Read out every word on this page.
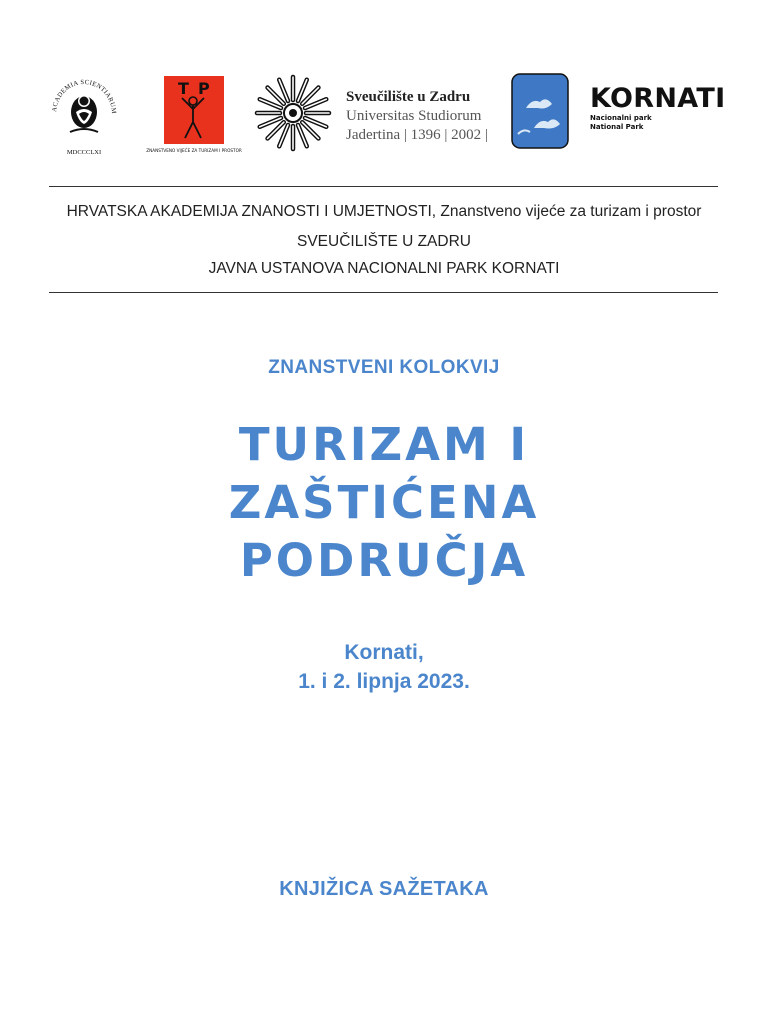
ACADEMIA SCIENTIARUM
MDCCCLXI
T P
ZNANSTVENO VIJEĆE ZA TURIZAM I PROSTOR
Sveučilište u Zadru
Universitas Studiorum
Jadertina | 1396 | 2002 |
KORNATI
Nacionalni park
National Park
HRVATSKA AKADEMIJA ZNANOSTI I UMJETNOSTI, Znanstveno vijeće za turizam i prostor
SVEUČILIŠTE U ZADRU
JAVNA USTANOVA NACIONALNI PARK KORNATI
ZNANSTVENI KOLOKVIJ
TURIZAM I
ZAŠTIĆENA
PODRUČJA
Kornati,
1. i 2. lipnja 2023.
KNJIŽICA SAŽETAKA
